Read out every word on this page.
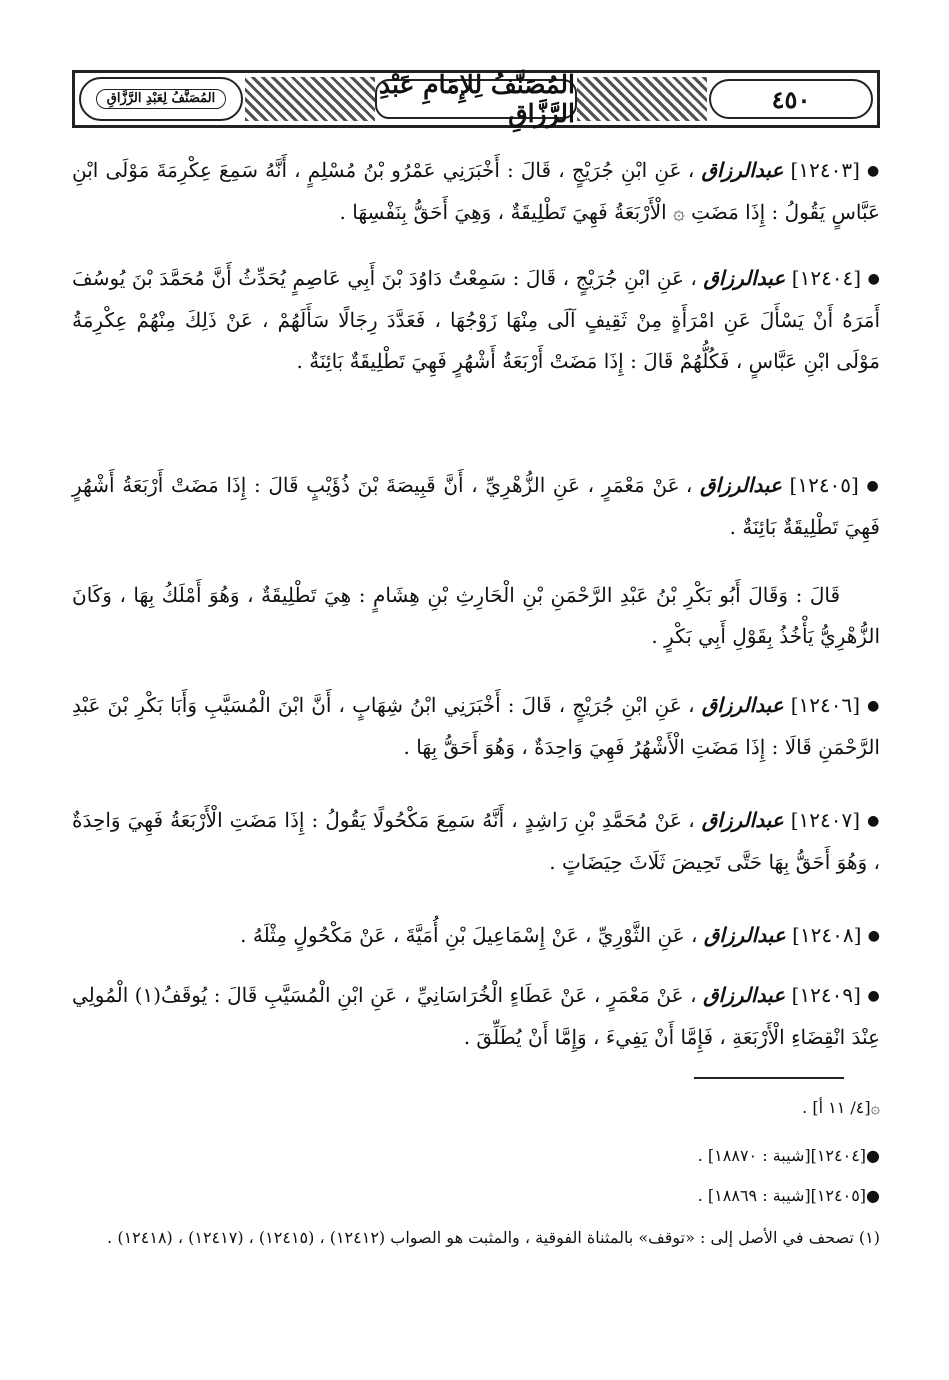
٤٥٠
المُصَنَّفُ لِلإِمَامِ عَبْدِ الرَّزَّاقِ
المُصَنَّفُ لِعَبْدِ الرَّزَّاقِ
● [١٢٤٠٣] عبدالرزاق ، عَنِ ابْنِ جُرَيْجٍ ، قَالَ : أَخْبَرَنِي عَمْرُو بْنُ مُسْلِمٍ ، أَنَّهُ سَمِعَ عِكْرِمَةَ مَوْلَى ابْنِ عَبَّاسٍ يَقُولُ : إِذَا مَضَتِ ۞ الْأَرْبَعَةُ فَهِيَ تَطْلِيقَةٌ ، وَهِيَ أَحَقُّ بِنَفْسِهَا .
● [١٢٤٠٤] عبدالرزاق ، عَنِ ابْنِ جُرَيْجٍ ، قَالَ : سَمِعْتُ دَاوُدَ بْنَ أَبِي عَاصِمٍ يُحَدِّثُ أَنَّ مُحَمَّدَ بْنَ يُوسُفَ أَمَرَهُ أَنْ يَسْأَلَ عَنِ امْرَأَةٍ مِنْ ثَقِيفٍ آلَى مِنْهَا زَوْجُهَا ، فَعَدَّدَ رِجَالًا سَأَلَهُمْ ، عَنْ ذَلِكَ مِنْهُمْ عِكْرِمَةُ مَوْلَى ابْنِ عَبَّاسٍ ، فَكُلُّهُمْ قَالَ : إِذَا مَضَتْ أَرْبَعَةُ أَشْهُرٍ فَهِيَ تَطْلِيقَةٌ بَائِنَةٌ .
● [١٢٤٠٥] عبدالرزاق ، عَنْ مَعْمَرٍ ، عَنِ الزُّهْرِيِّ ، أَنَّ قَبِيصَةَ بْنَ ذُؤَيْبٍ قَالَ : إِذَا مَضَتْ أَرْبَعَةُ أَشْهُرٍ فَهِيَ تَطْلِيقَةٌ بَائِنَةٌ .
قَالَ : وَقَالَ أَبُو بَكْرِ بْنُ عَبْدِ الرَّحْمَنِ بْنِ الْحَارِثِ بْنِ هِشَامٍ : هِيَ تَطْلِيقَةٌ ، وَهُوَ أَمْلَكُ بِهَا ، وَكَانَ الزُّهْرِيُّ يَأْخُذُ بِقَوْلِ أَبِي بَكْرٍ .
● [١٢٤٠٦] عبدالرزاق ، عَنِ ابْنِ جُرَيْجٍ ، قَالَ : أَخْبَرَنِي ابْنُ شِهَابٍ ، أَنَّ ابْنَ الْمُسَيَّبِ وَأَبَا بَكْرِ بْنَ عَبْدِ الرَّحْمَنِ قَالَا : إِذَا مَضَتِ الْأَشْهُرُ فَهِيَ وَاحِدَةٌ ، وَهُوَ أَحَقُّ بِهَا .
● [١٢٤٠٧] عبدالرزاق ، عَنْ مُحَمَّدِ بْنِ رَاشِدٍ ، أَنَّهُ سَمِعَ مَكْحُولًا يَقُولُ : إِذَا مَضَتِ الْأَرْبَعَةُ فَهِيَ وَاحِدَةٌ ، وَهُوَ أَحَقُّ بِهَا حَتَّى تَحِيضَ ثَلَاثَ حِيَضَاتٍ .
● [١٢٤٠٨] عبدالرزاق ، عَنِ الثَّوْرِيِّ ، عَنْ إِسْمَاعِيلَ بْنِ أُمَيَّةَ ، عَنْ مَكْحُولٍ مِثْلَهُ .
● [١٢٤٠٩] عبدالرزاق ، عَنْ مَعْمَرٍ ، عَنْ عَطَاءٍ الْخُرَاسَانِيِّ ، عَنِ ابْنِ الْمُسَيَّبِ قَالَ : يُوقَفُ(١) الْمُولِي عِنْدَ انْقِضَاءِ الْأَرْبَعَةِ ، فَإِمَّا أَنْ يَفِيءَ ، وَإِمَّا أَنْ يُطَلِّقَ .
۞[٤/ ١١ أ] .
●[١٢٤٠٤][شيبة : ١٨٨٧٠] .
●[١٢٤٠٥][شيبة : ١٨٨٦٩] .
(١) تصحف في الأصل إلى : «توقف» بالمثناة الفوقية ، والمثبت هو الصواب (١٢٤١٢) ، (١٢٤١٥) ، (١٢٤١٧) ، (١٢٤١٨) .
